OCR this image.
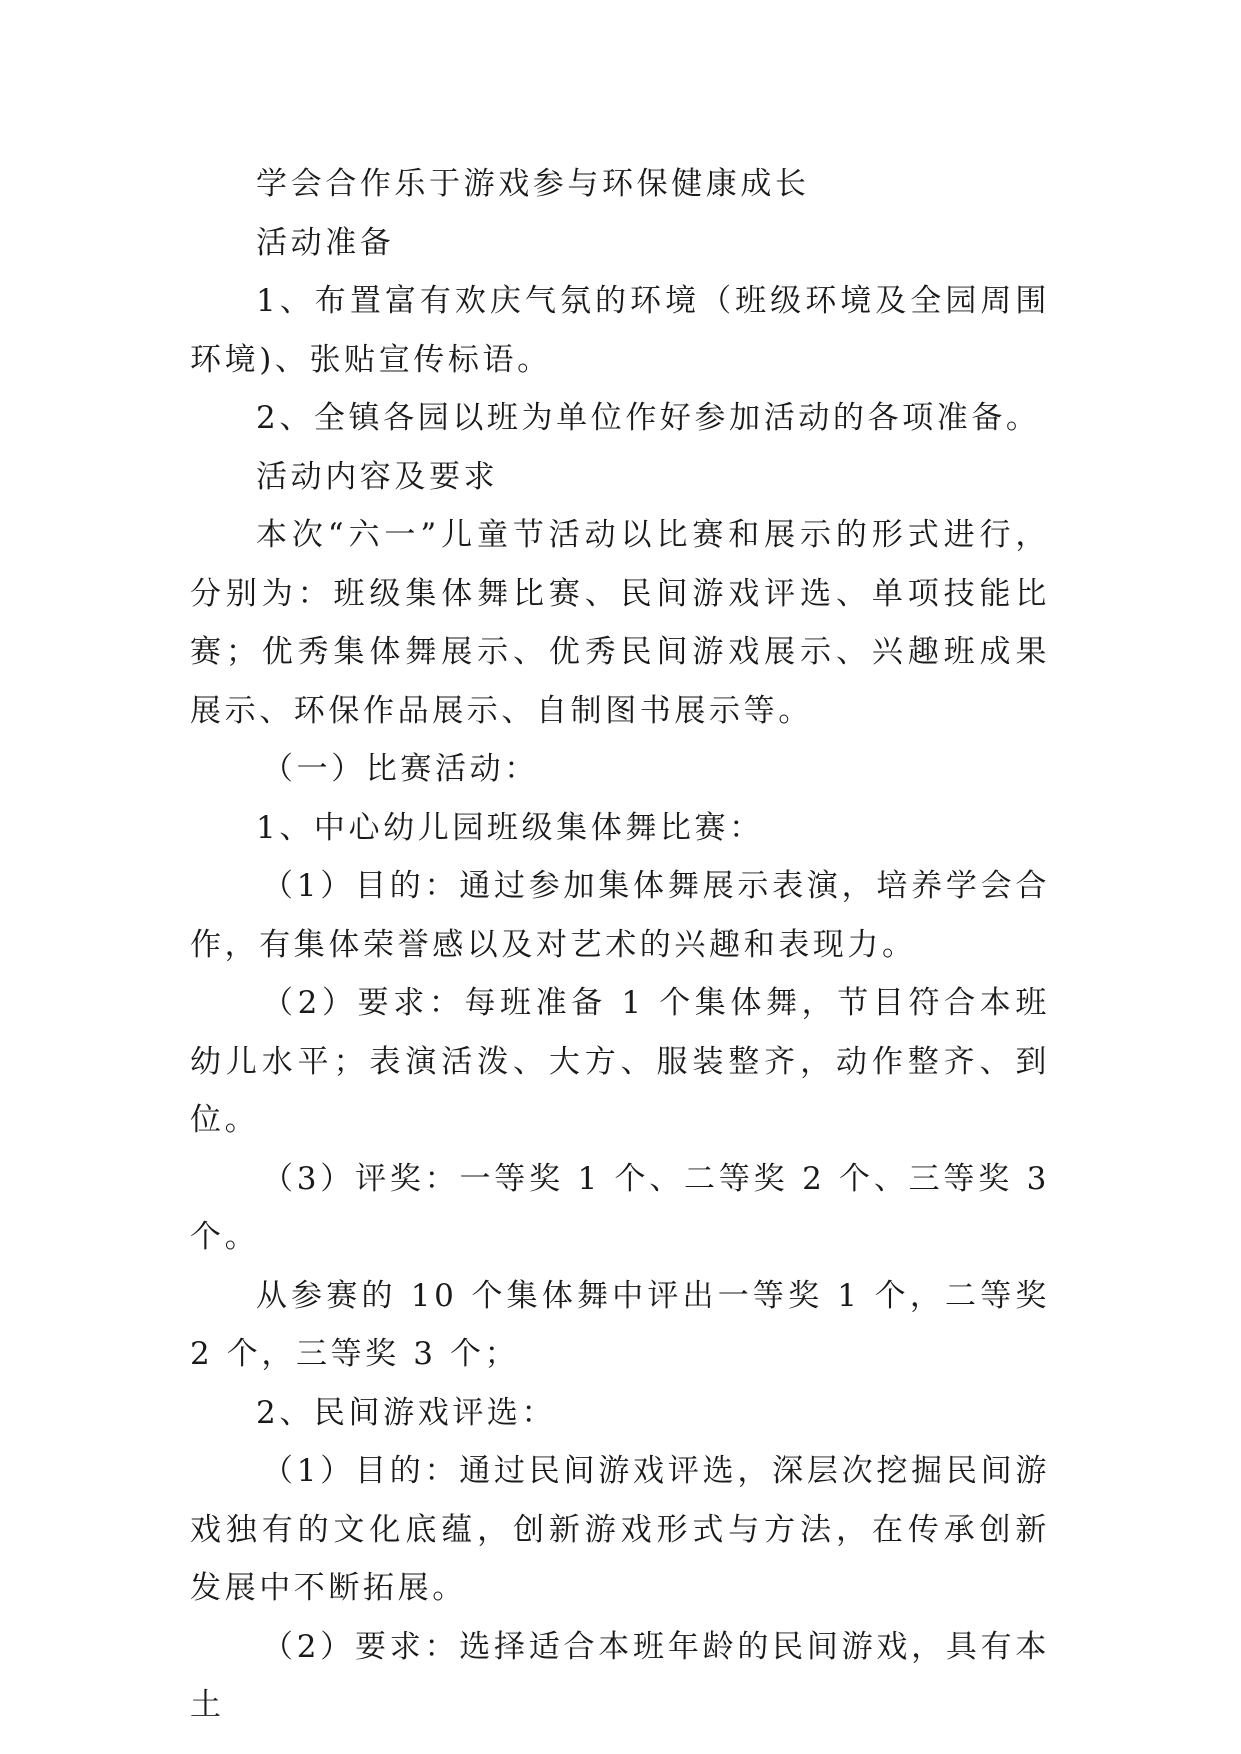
学会合作乐于游戏参与环保健康成长

活动准备

1、布置富有欢庆气氛的环境（班级环境及全园周围环境)、张贴宣传标语。

2、全镇各园以班为单位作好参加活动的各项准备。

活动内容及要求

本次“六一”儿童节活动以比赛和展示的形式进行，分别为：班级集体舞比赛、民间游戏评选、单项技能比赛；优秀集体舞展示、优秀民间游戏展示、兴趣班成果展示、环保作品展示、自制图书展示等。

（一）比赛活动：

1、中心幼儿园班级集体舞比赛：

（1）目的：通过参加集体舞展示表演，培养学会合作，有集体荣誉感以及对艺术的兴趣和表现力。

（2）要求：每班准备 1 个集体舞，节目符合本班幼儿水平；表演活泼、大方、服装整齐，动作整齐、到位。

（3）评奖：一等奖 1 个、二等奖 2 个、三等奖 3 个。

从参赛的 10 个集体舞中评出一等奖 1 个，二等奖 2 个，三等奖 3 个；

2、民间游戏评选：

（1）目的：通过民间游戏评选，深层次挖掘民间游戏独有的文化底蕴，创新游戏形式与方法，在传承创新发展中不断拓展。

（2）要求：选择适合本班年龄的民间游戏，具有本土
